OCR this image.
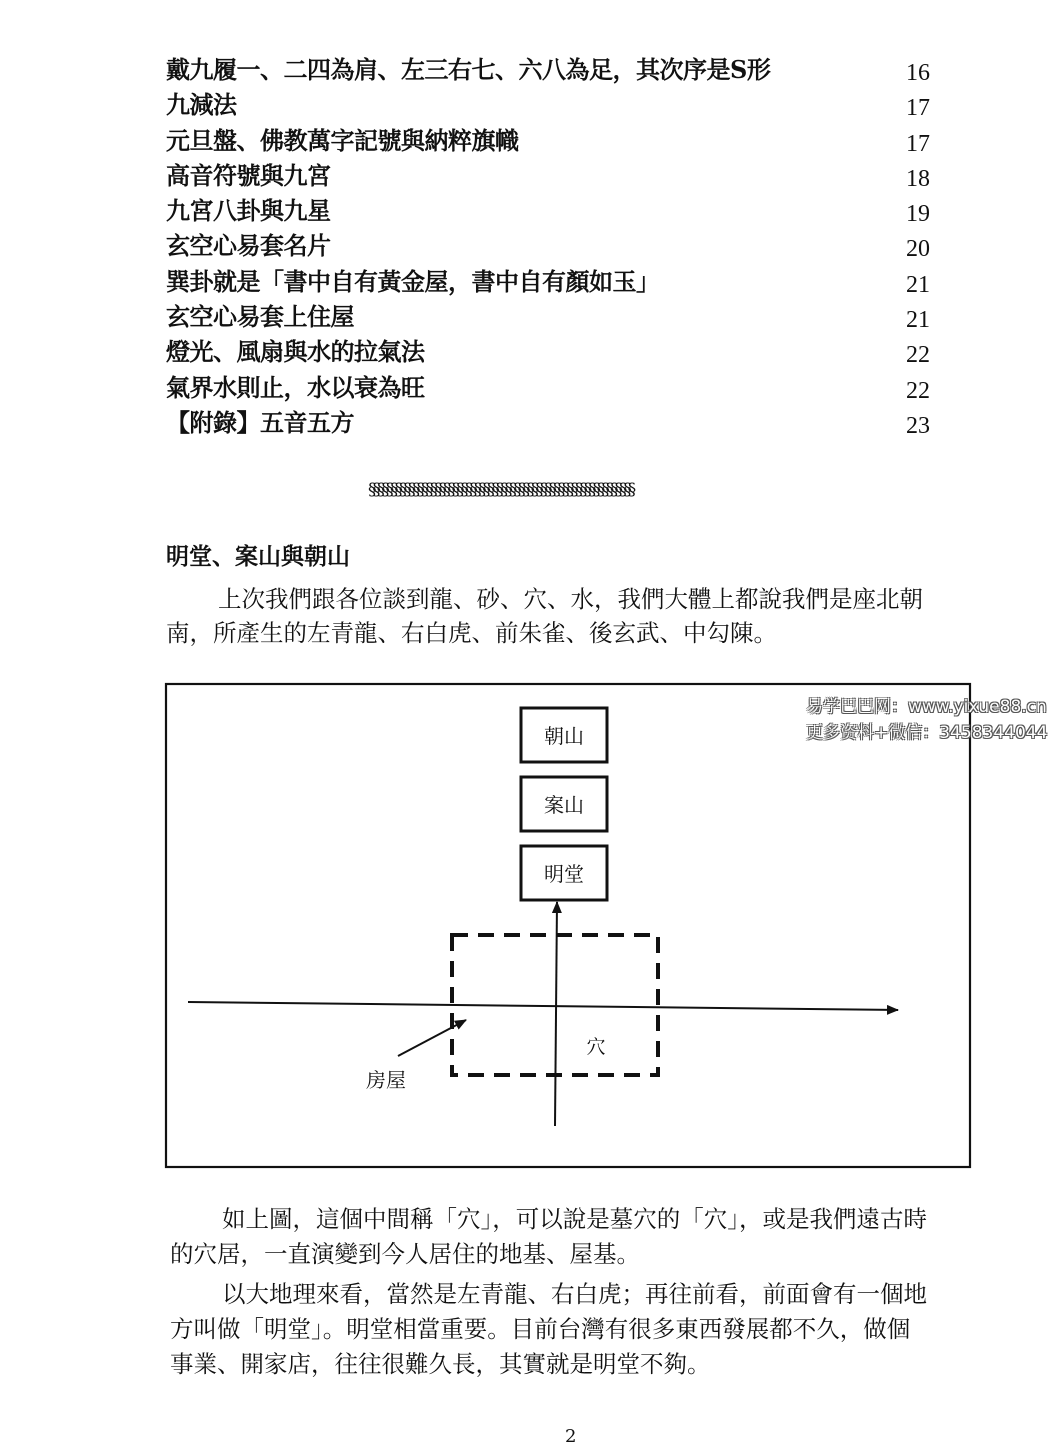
戴九履一、二四為肩、左三右七、六八為足，其次序是S形	16
九減法	17
元旦盤、佛教萬字記號與納粹旗幟	17
高音符號與九宮	18
九宮八卦與九星	19
玄空心易套名片	20
巽卦就是「書中自有黃金屋，書中自有顏如玉」	21
玄空心易套上住屋	21
燈光、風扇與水的拉氣法	22
氣界水則止，水以衰為旺	22
【附錄】五音五方	23
§§§§§§§§§§§§§§§§§§§§§§§§§§§§§§§§§§§§§§§§§§§§§§§§§§§§§§§§§§§§
明堂、案山與朝山
上次我們跟各位談到龍、砂、穴、水，我們大體上都說我們是座北朝
南，所產生的左青龍、右白虎、前朱雀、後玄武、中勾陳。
朝山
案山
明堂
穴
房屋
易学巴巴网：www.yixue88.cn
更多资料+微信：3458344044
如上圖，這個中間稱「穴」，可以說是墓穴的「穴」，或是我們遠古時
的穴居，一直演變到今人居住的地基、屋基。
以大地理來看，當然是左青龍、右白虎；再往前看，前面會有一個地
方叫做「明堂」。明堂相當重要。目前台灣有很多東西發展都不久，做個
事業、開家店，往往很難久長，其實就是明堂不夠。
2
